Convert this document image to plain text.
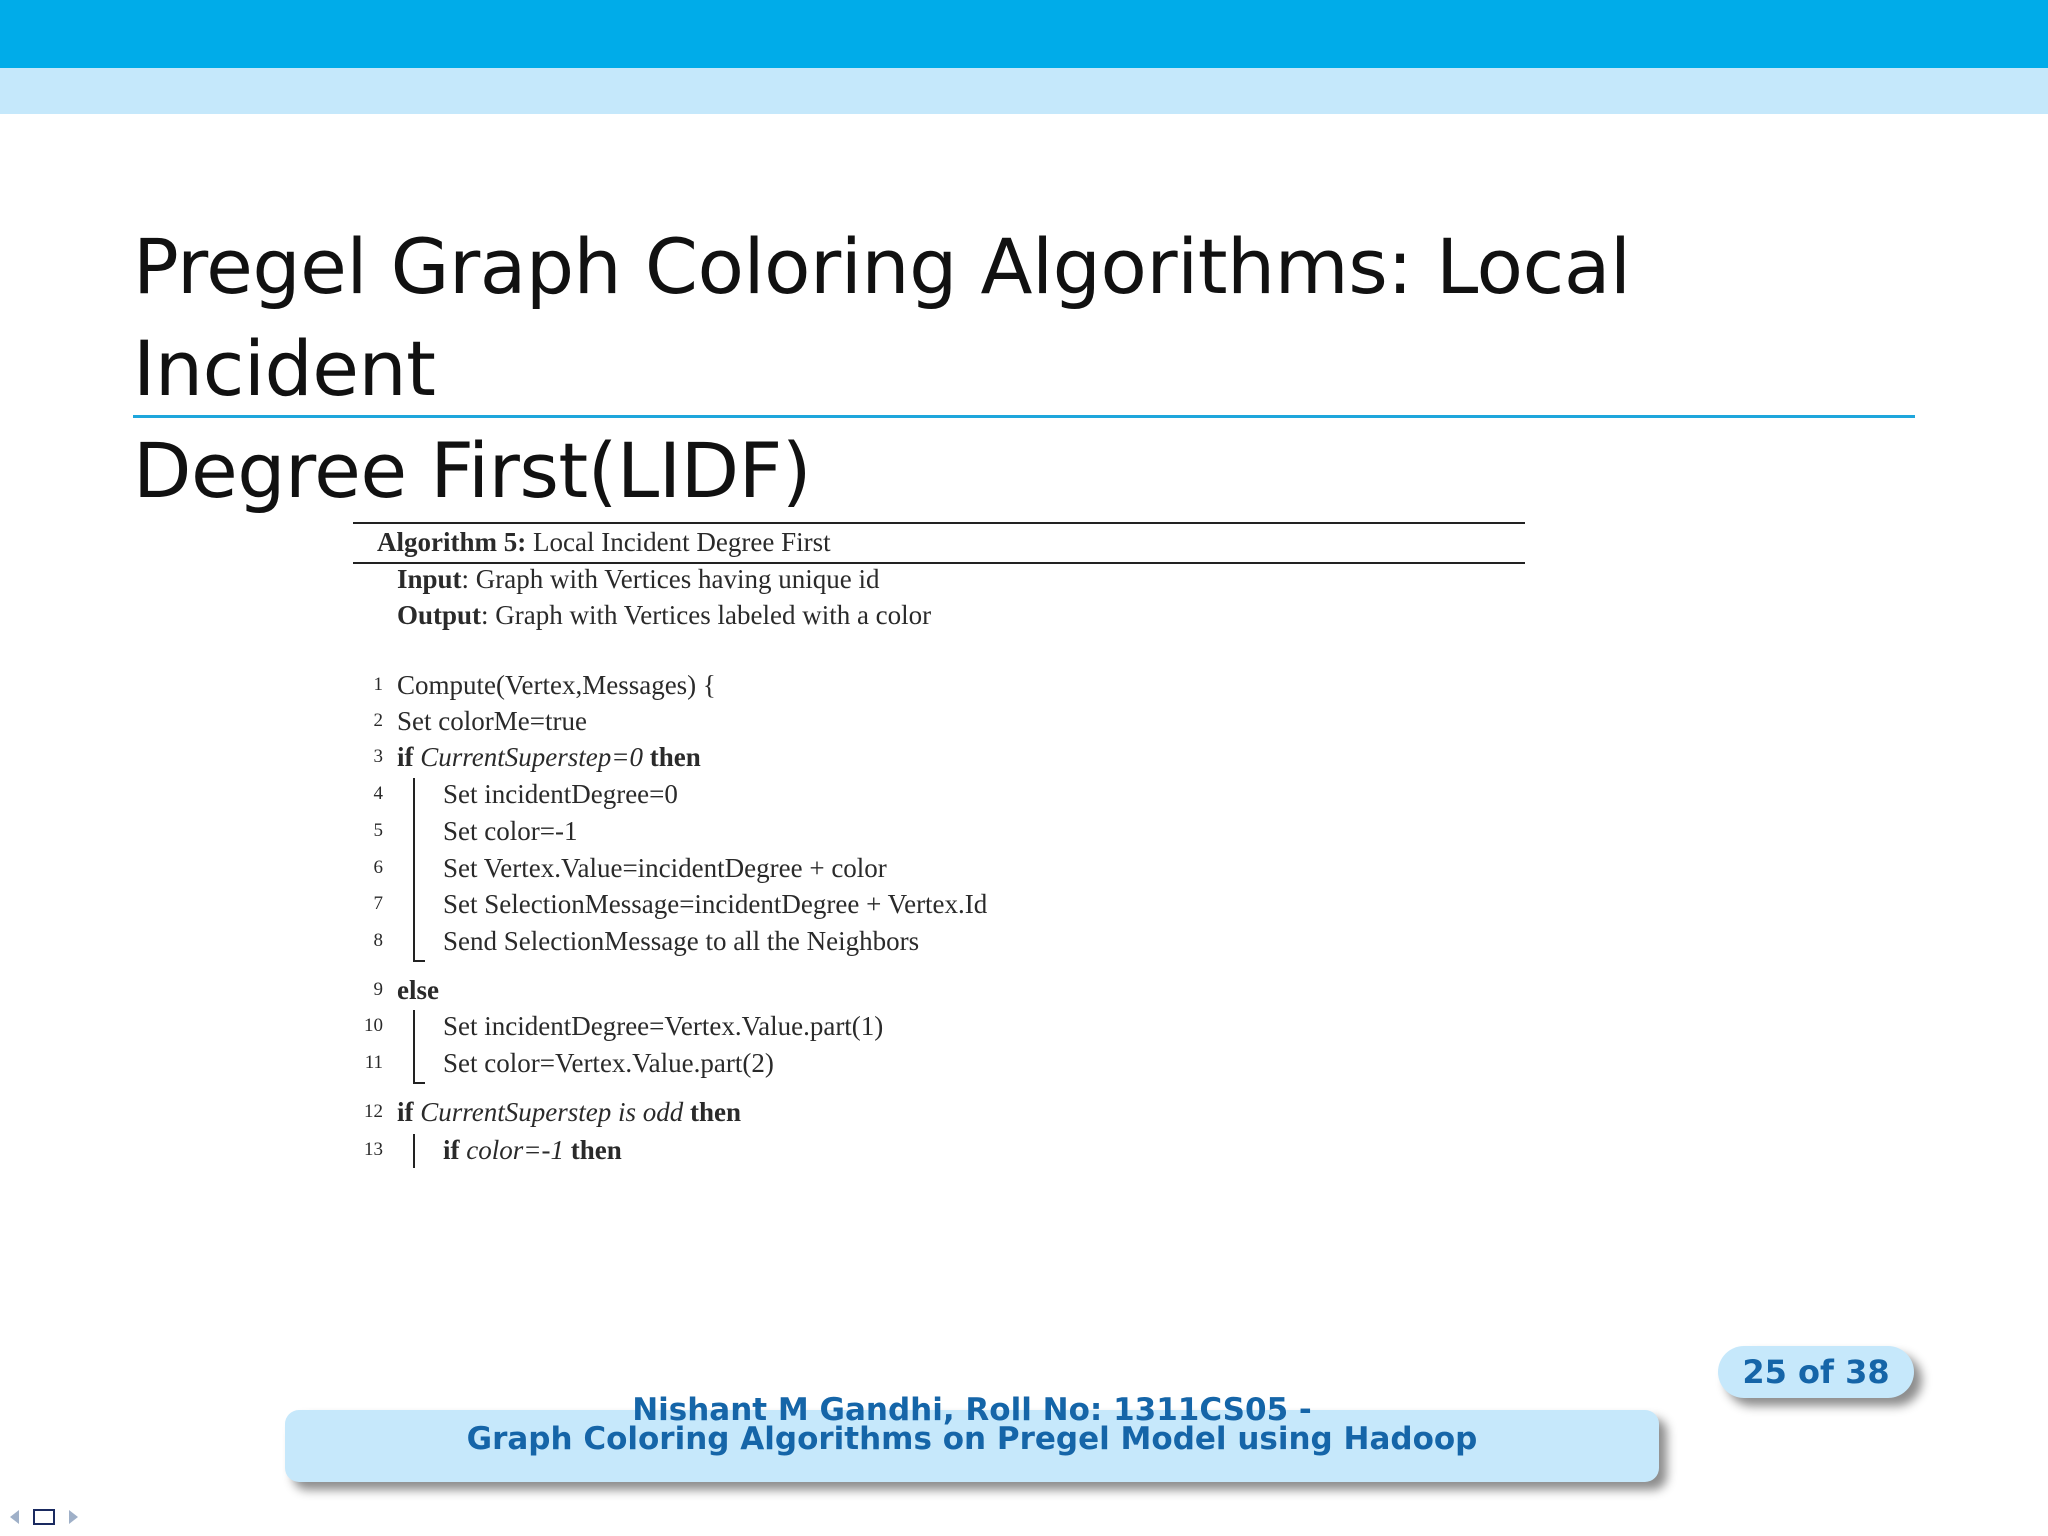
Pregel Graph Coloring Algorithms: Local Incident
Degree First(LIDF)
Algorithm 5: Local Incident Degree First
Input: Graph with Vertices having unique id
Output: Graph with Vertices labeled with a color
1 Compute(Vertex,Messages) {
2 Set colorMe=true
3 if CurrentSuperstep=0 then
4 Set incidentDegree=0
5 Set color=-1
6 Set Vertex.Value=incidentDegree + color
7 Set SelectionMessage=incidentDegree + Vertex.Id
8 Send SelectionMessage to all the Neighbors
9 else
10 Set incidentDegree=Vertex.Value.part(1)
11 Set color=Vertex.Value.part(2)
12 if CurrentSuperstep is odd then
13 if color=-1 then
25 of 38
Nishant M Gandhi, Roll No: 1311CS05 -
Graph Coloring Algorithms on Pregel Model using Hadoop
